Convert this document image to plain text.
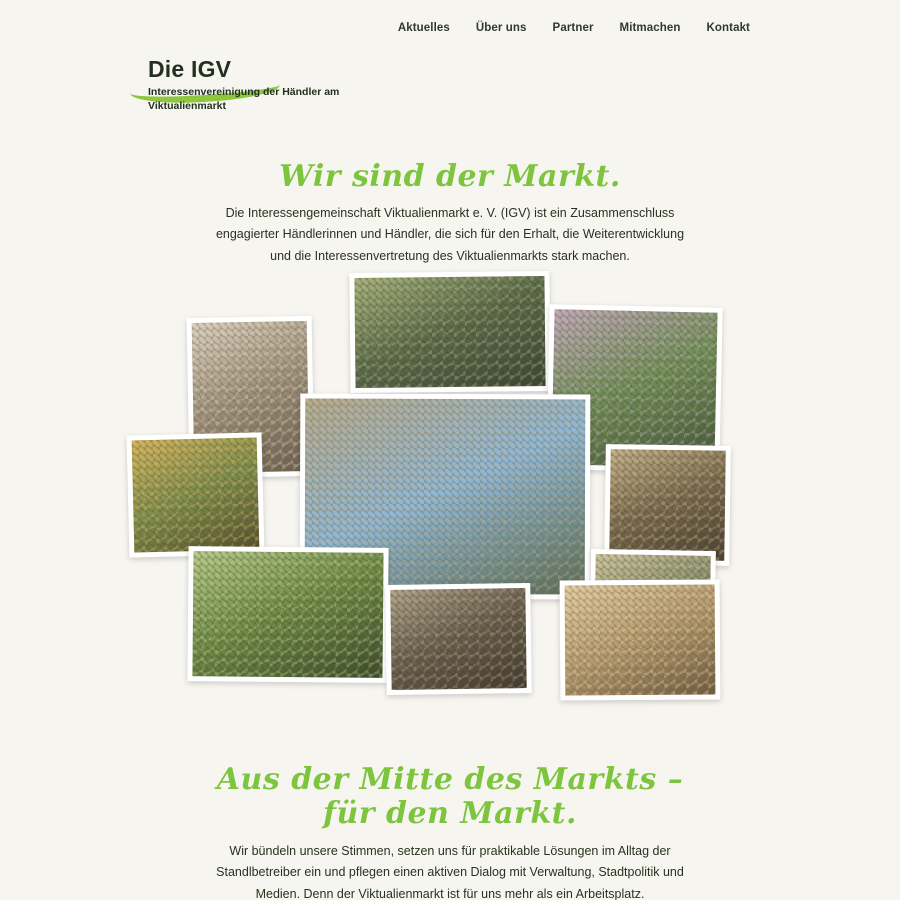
Aktuelles Über uns Partner Mitmachen Kontakt
Die IGV
Interessenvereinigung der Händler am Viktualienmarkt
Wir sind der Markt.

Die Interessengemeinschaft Viktualienmarkt e. V. (IGV) ist ein Zusammenschluss engagierter Händlerinnen und Händler, die sich für den Erhalt, die Weiterentwicklung und die Interessenvertretung des Viktualienmarkts stark machen.

Aus der Mitte des Markts –
für den Markt.

Wir bündeln unsere Stimmen, setzen uns für praktikable Lösungen im Alltag der Standlbetreiber ein und pflegen einen aktiven Dialog mit Verwaltung, Stadtpolitik und Medien. Denn der Viktualienmarkt ist für uns mehr als ein Arbeitsplatz.
